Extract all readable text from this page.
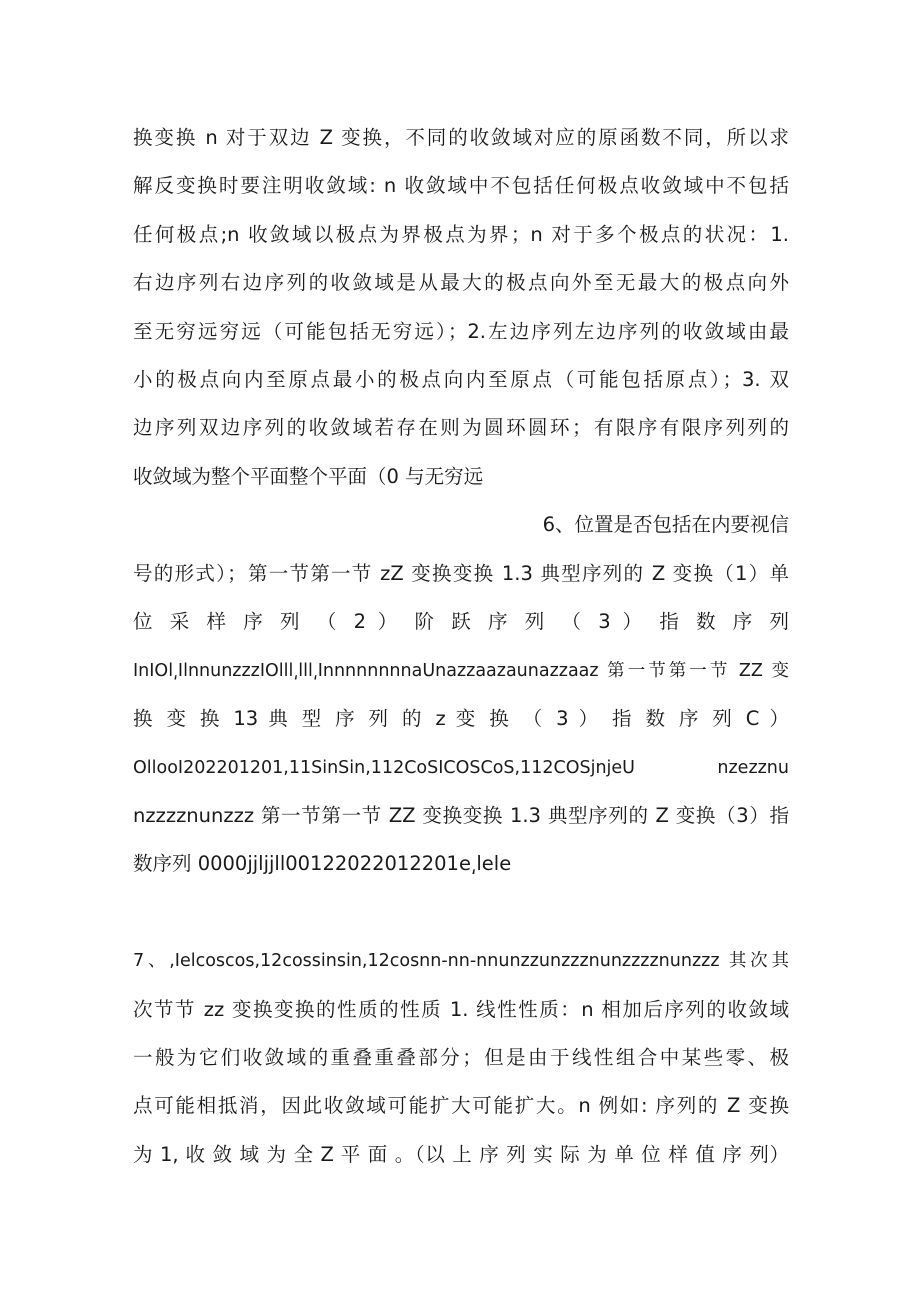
换变换 n 对于双边 Z 变换，不同的收敛域对应的原函数不同，所以求
解反变换时要注明收敛域: n 收敛域中不包括任何极点收敛域中不包括
任何极点;n 收敛域以极点为界极点为界；n 对于多个极点的状况：1.
右边序列右边序列的收敛域是从最大的极点向外至无最大的极点向外
至无穷远穷远（可能包括无穷远）；2.左边序列左边序列的收敛域由最
小的极点向内至原点最小的极点向内至原点（可能包括原点）；3. 双
边序列双边序列的收敛域若存在则为圆环圆环；有限序有限序列列的
收敛域为整个平面整个平面（0 与无穷远
6、位置是否包括在内要视信
号的形式）；第一节第一节 zZ 变换变换 1.3 典型序列的 Z 变换（1）单
位 采 样 序 列 （ 2 ） 阶 跃 序 列 （ 3 ） 指 数 序 列
InIOl͵IlnnunzzzIOlll͵lll͵InnnnnnnnaUnazzaazaunazzaaz 第一节第一节 ZZ 变
换 变 换 13 典 型 序 列 的 z 变 换 （ 3 ） 指 数 序 列 C ）
OllooI202201201,11SinSin,112CoSICOSCoS,112COSjnjeU nzezznu
nzzzznunzzz 第一节第一节 ZZ 变换变换 1.3 典型序列的 Z 变换（3）指
数序列 0000jjljjll00122022012201e͵lele
7、,Ielcoscos,12cossinsin,12cosnn-nn-nnunzzunzzznunzzzznunzzz 其次其
次节节 zz 变换变换的性质的性质 1. 线性性质：n 相加后序列的收敛域
一般为它们收敛域的重叠重叠部分；但是由于线性组合中某些零、极
点可能相抵消，因此收敛域可能扩大可能扩大。n 例如: 序列的 Z 变换
为 1, 收 敛 域 为 全 Z 平 面 。（以 上 序 列 实 际 为 单 位 样 值 序 列）
